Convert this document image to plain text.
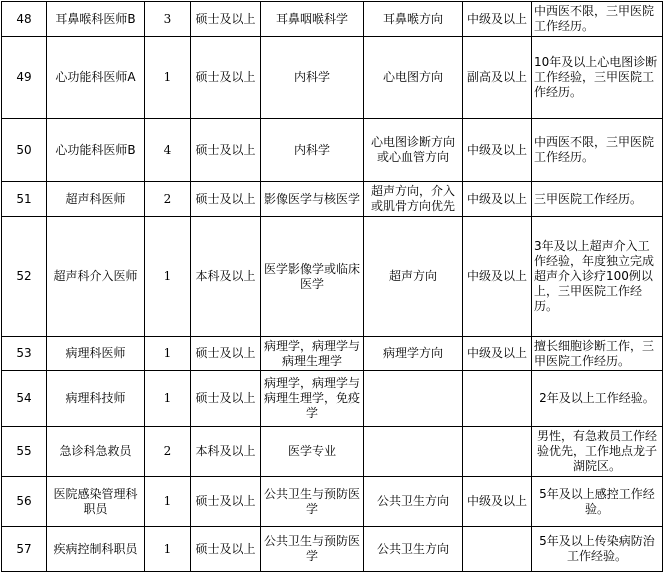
48	耳鼻喉科医师B	3	硕士及以上	耳鼻咽喉科学	耳鼻喉方向	中级及以上	中西医不限，三甲医院工作经历。
49	心功能科医师A	1	硕士及以上	内科学	心电图方向	副高及以上	10年及以上心电图诊断工作经验，三甲医院工作经历。
50	心功能科医师B	4	硕士及以上	内科学	心电图诊断方向或心血管方向	中级及以上	中西医不限，三甲医院工作经历。
51	超声科医师	2	硕士及以上	影像医学与核医学	超声方向，介入或肌骨方向优先	中级及以上	三甲医院工作经历。
52	超声科介入医师	1	本科及以上	医学影像学或临床医学	超声方向	中级及以上	3年及以上超声介入工作经验，年度独立完成超声介入诊疗100例以上，三甲医院工作经历。
53	病理科医师	1	硕士及以上	病理学，病理学与病理生理学	病理学方向	中级及以上	擅长细胞诊断工作，三甲医院工作经历。
54	病理科技师	1	硕士及以上	病理学，病理学与病理生理学，免疫学			2年及以上工作经验。
55	急诊科急救员	2	本科及以上	医学专业			男性，有急救员工作经验优先，工作地点龙子湖院区。
56	医院感染管理科职员	1	硕士及以上	公共卫生与预防医学	公共卫生方向	中级及以上	5年及以上感控工作经验。
57	疾病控制科职员	1	硕士及以上	公共卫生与预防医学	公共卫生方向		5年及以上传染病防治工作经验。
